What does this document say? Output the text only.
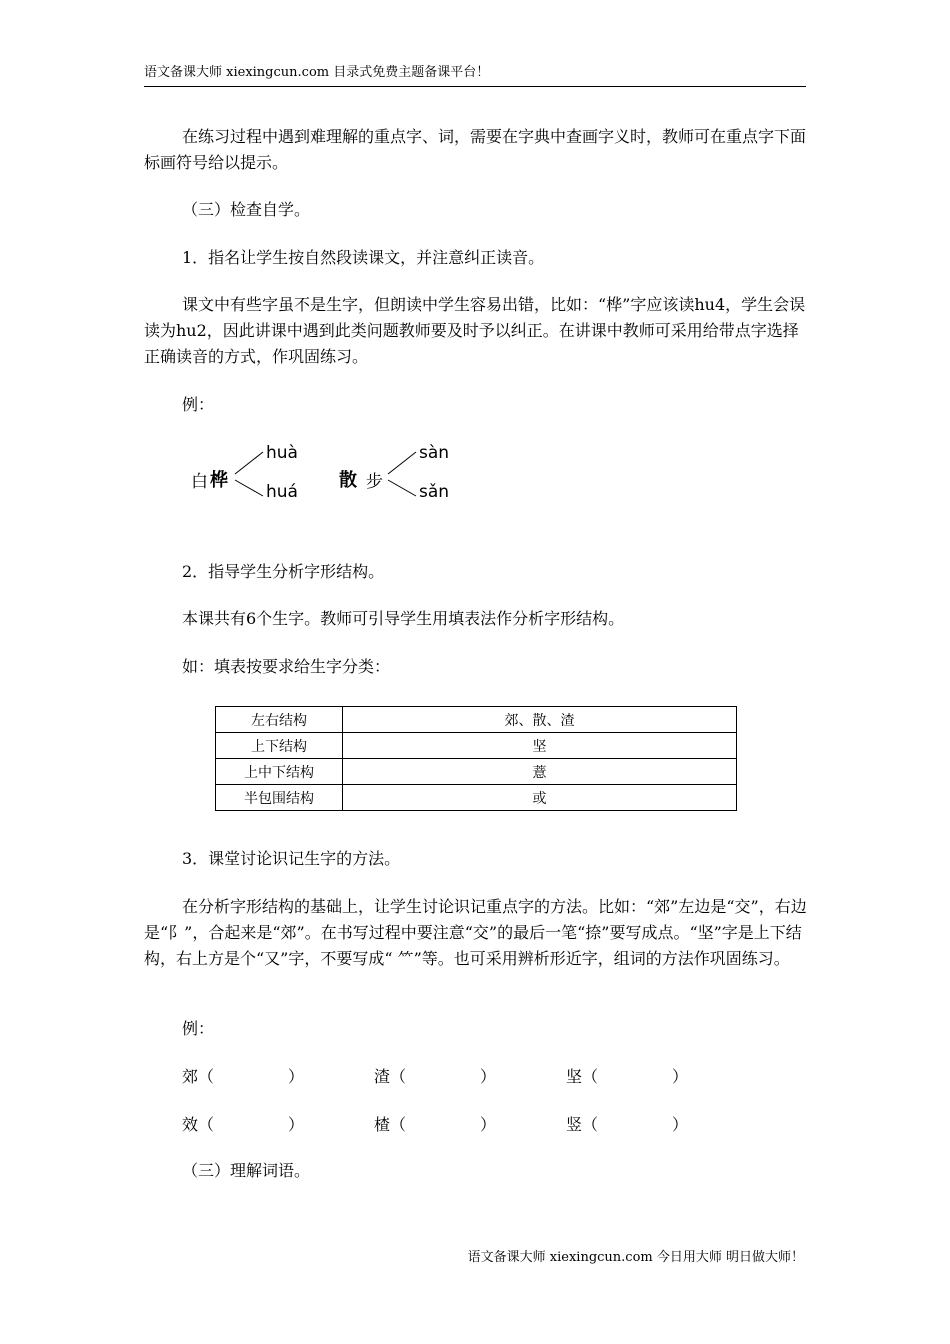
语文备课大师 xiexingcun.com 目录式免费主题备课平台！

在练习过程中遇到难理解的重点字、词，需要在字典中查画字义时，教师可在重点字下面标画符号给以提示。

（三）检查自学。

1．指名让学生按自然段读课文，并注意纠正读音。

课文中有些字虽不是生字，但朗读中学生容易出错，比如：“桦”字应该读hu4，学生会误读为hu2，因此讲课中遇到此类问题教师要及时予以纠正。在讲课中教师可采用给带点字选择正确读音的方式，作巩固练习。

例：

白 桦
huà
huá
散 步
sàn
sǎn

2．指导学生分析字形结构。

本课共有6个生字。教师可引导学生用填表法作分析字形结构。

如：填表按要求给生字分类：

左右结构	郊、散、渣
上下结构	坚
上中下结构	薏
半包围结构	或

3．课堂讨论识记生字的方法。

在分析字形结构的基础上，让学生讨论识记重点字的方法。比如：“郊”左边是“交”，右边是“阝”，合起来是“郊”。在书写过程中要注意“交”的最后一笔“捺”要写成点。“坚”字是上下结构，右上方是个“又”字，不要写成“ ⺮”等。也可采用辨析形近字，组词的方法作巩固练习。

例：

郊（	）	渣（	）	坚（	）
效（	）	楂（	）	竖（	）

（三）理解词语。

语文备课大师 xiexingcun.com 今日用大师 明日做大师！
